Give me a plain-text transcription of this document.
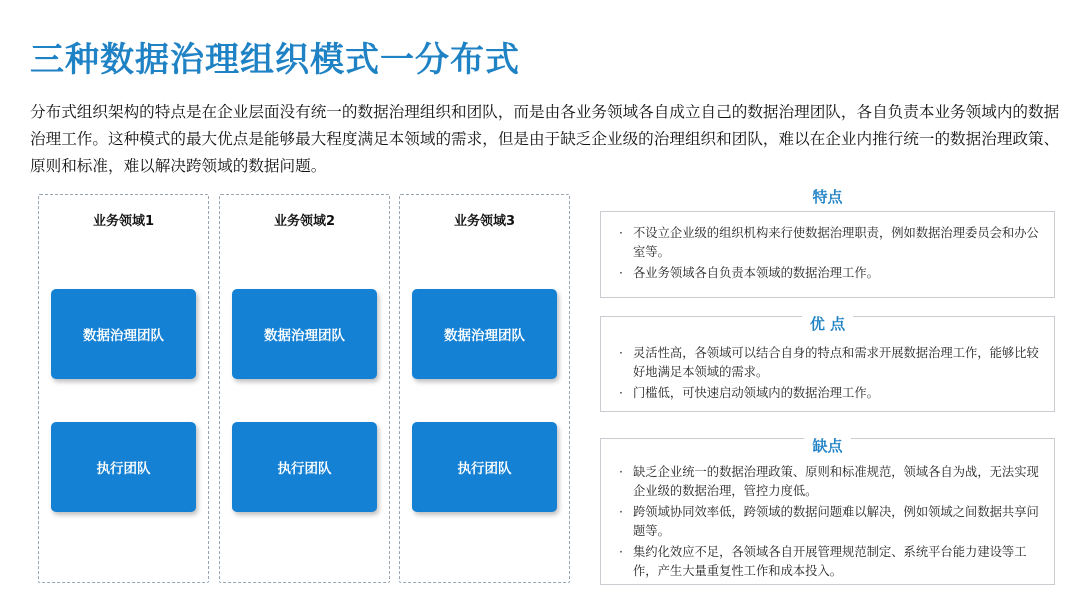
三种数据治理组织模式一分布式
分布式组织架构的特点是在企业层面没有统一的数据治理组织和团队，而是由各业务领域各自成立自己的数据治理团队，各自负责本业务领域内的数据治理工作。这种模式的最大优点是能够最大程度满足本领域的需求，但是由于缺乏企业级的治理组织和团队，难以在企业内推行统一的数据治理政策、原则和标准，难以解决跨领域的数据问题。
业务领域1
数据治理团队
执行团队
业务领域2
数据治理团队
执行团队
业务领域3
数据治理团队
执行团队
特点
· 不设立企业级的组织机构来行使数据治理职责，例如数据治理委员会和办公室等。
· 各业务领域各自负责本领域的数据治理工作。
优 点
· 灵活性高，各领域可以结合自身的特点和需求开展数据治理工作，能够比较好地满足本领域的需求。
· 门槛低，可快速启动领域内的数据治理工作。
缺点
· 缺乏企业统一的数据治理政策、原则和标准规范，领域各自为战，无法实现企业级的数据治理，管控力度低。
· 跨领域协同效率低，跨领域的数据问题难以解决，例如领域之间数据共享问题等。
· 集约化效应不足，各领域各自开展管理规范制定、系统平台能力建设等工作，产生大量重复性工作和成本投入。
